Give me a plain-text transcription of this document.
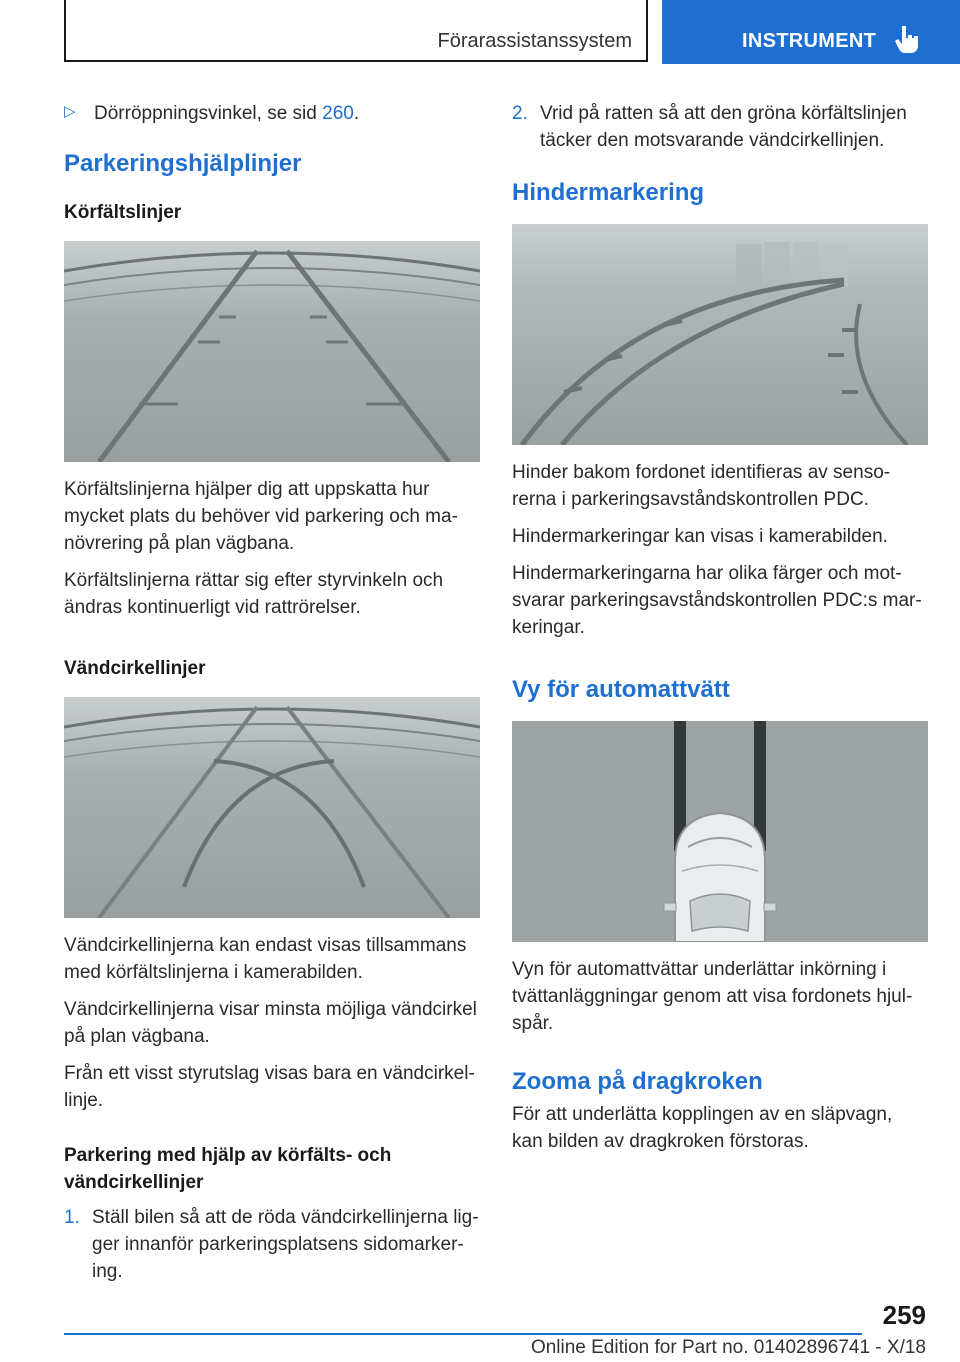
Förarassistanssystem	INSTRUMENT
▷ Dörröppningsvinkel, se sid 260.

Parkeringshjälplinjer
Körfältslinjer

Körfältslinjerna hjälper dig att uppskatta hur mycket plats du behöver vid parkering och manövrering på plan vägbana.

Körfältslinjerna rättar sig efter styrvinkeln och ändras kontinuerligt vid rattrörelser.

Vändcirkellinjer

Vändcirkellinjerna kan endast visas tillsammans med körfältslinjerna i kamerabilden.

Vändcirkellinjerna visar minsta möjliga vändcirkel på plan vägbana.

Från ett visst styrutslag visas bara en vändcirkellinje.

Parkering med hjälp av körfälts- och vändcirkellinjer
1. Ställ bilen så att de röda vändcirkellinjerna ligger innanför parkeringsplatsens sidomarkering.

2. Vrid på ratten så att den gröna körfältslinjen täcker den motsvarande vändcirkellinjen.

Hindermarkering

Hinder bakom fordonet identifieras av sensorerna i parkeringsavståndskontrollen PDC.

Hindermarkeringar kan visas i kamerabilden.

Hindermarkeringarna har olika färger och motsvarar parkeringsavståndskontrollen PDC:s markeringar.

Vy för automattvätt

Vyn för automattvättar underlättar inkörning i tvättanläggningar genom att visa fordonets hjulspår.

Zooma på dragkroken

För att underlätta kopplingen av en släpvagn, kan bilden av dragkroken förstoras.

259
Online Edition for Part no. 01402896741 - X/18
